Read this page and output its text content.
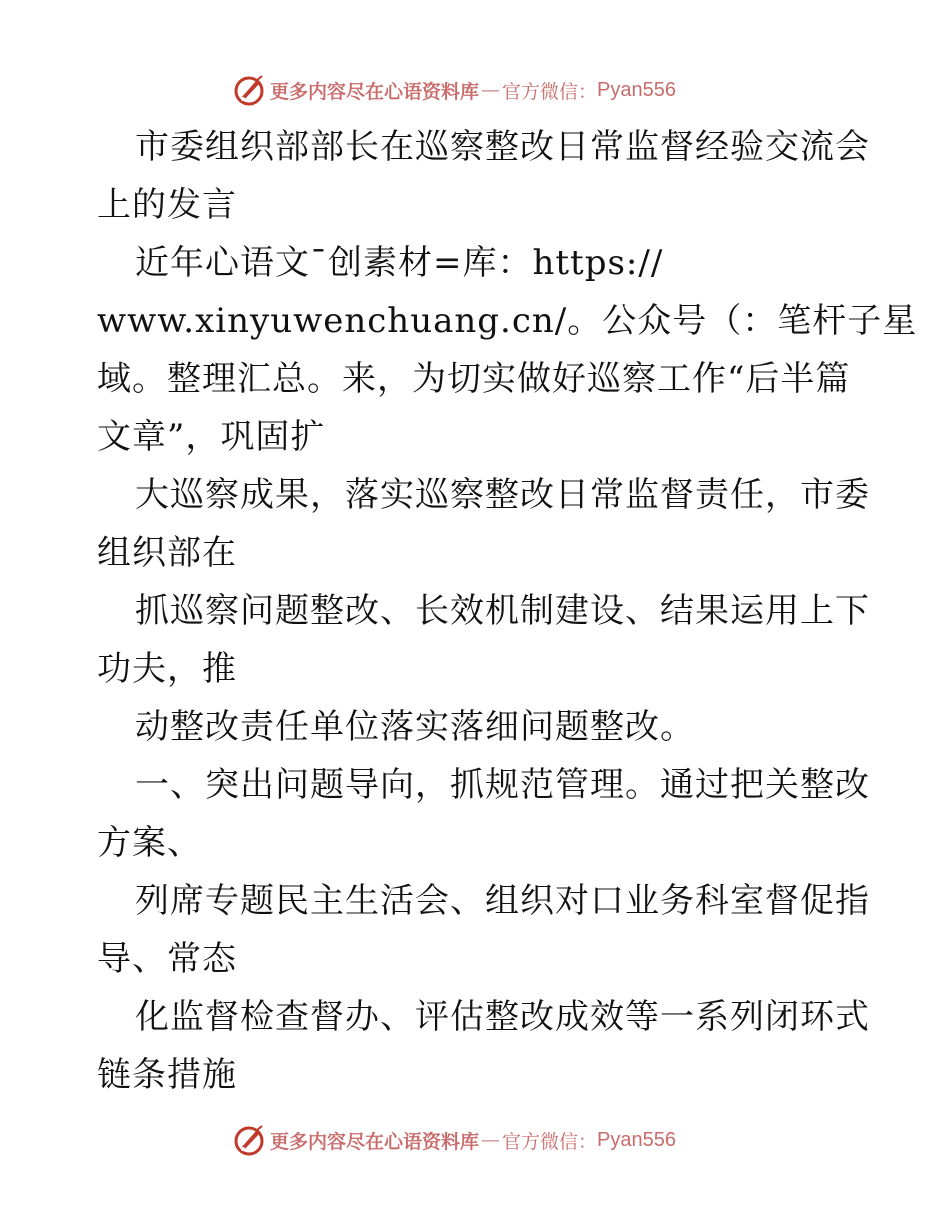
更多内容尽在心语资料库 — 官方微信： Pyan556
市委组织部部长在巡察整改日常监督经验交流会
上的发言
近年心语文¯创素材=库：https://
www.xinyuwenchuang.cn/。公众号（：笔杆子星
域。整理汇总。来，为切实做好巡察工作“后半篇
文章”，巩固扩
大巡察成果，落实巡察整改日常监督责任，市委
组织部在
抓巡察问题整改、长效机制建设、结果运用上下
功夫，推
动整改责任单位落实落细问题整改。
一、突出问题导向，抓规范管理。通过把关整改
方案、
列席专题民主生活会、组织对口业务科室督促指
导、常态
化监督检查督办、评估整改成效等一系列闭环式
链条措施
更多内容尽在心语资料库 — 官方微信： Pyan556
